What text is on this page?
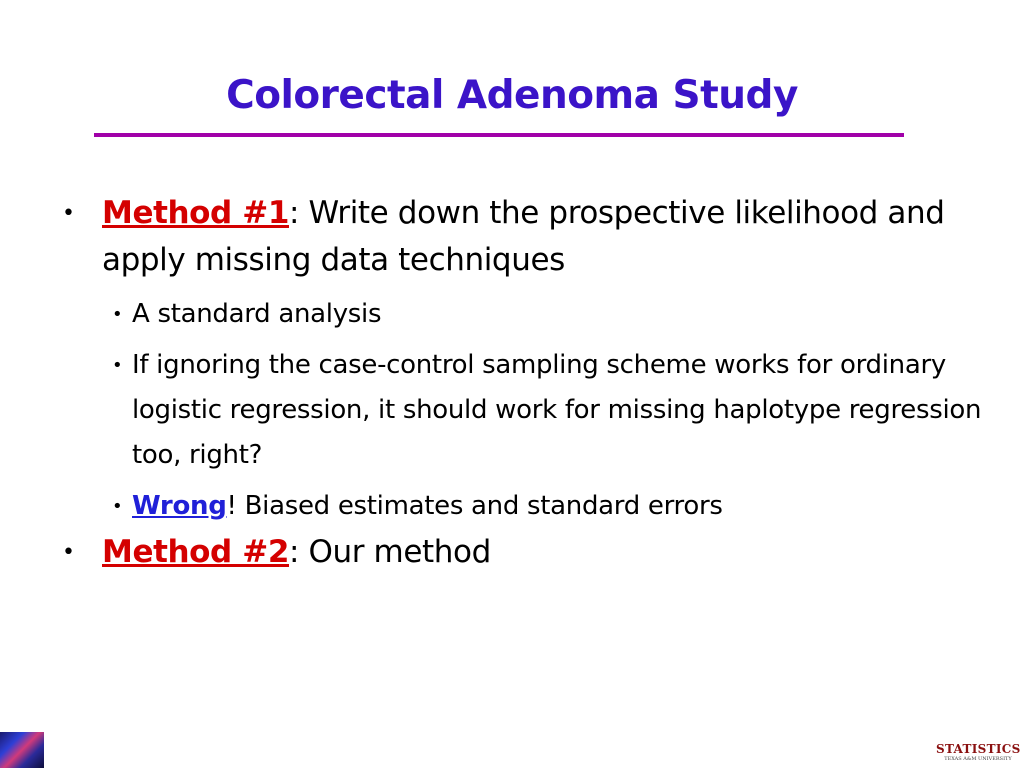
Colorectal Adenoma Study
• Method #1: Write down the prospective likelihood and apply missing data techniques
• A standard analysis
• If ignoring the case-control sampling scheme works for ordinary logistic regression, it should work for missing haplotype regression too, right?
• Wrong! Biased estimates and standard errors
• Method #2: Our method
STATISTICS
TEXAS A&M UNIVERSITY
